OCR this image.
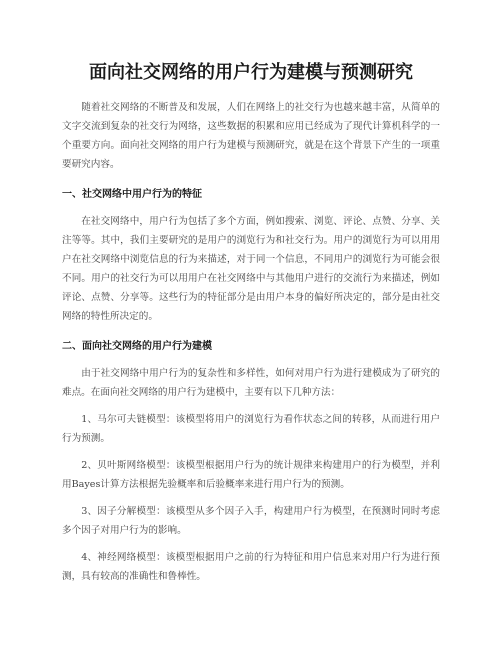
面向社交网络的用户行为建模与预测研究

随着社交网络的不断普及和发展，人们在网络上的社交行为也越来越丰富，从简单的文字交流到复杂的社交行为网络，这些数据的积累和应用已经成为了现代计算机科学的一个重要方向。面向社交网络的用户行为建模与预测研究，就是在这个背景下产生的一项重要研究内容。

一、社交网络中用户行为的特征

在社交网络中，用户行为包括了多个方面，例如搜索、浏览、评论、点赞、分享、关注等等。其中，我们主要研究的是用户的浏览行为和社交行为。用户的浏览行为可以用用户在社交网络中浏览信息的行为来描述，对于同一个信息，不同用户的浏览行为可能会很不同。用户的社交行为可以用用户在社交网络中与其他用户进行的交流行为来描述，例如评论、点赞、分享等。这些行为的特征部分是由用户本身的偏好所决定的，部分是由社交网络的特性所决定的。

二、面向社交网络的用户行为建模

由于社交网络中用户行为的复杂性和多样性，如何对用户行为进行建模成为了研究的难点。在面向社交网络的用户行为建模中，主要有以下几种方法：

1、马尔可夫链模型：该模型将用户的浏览行为看作状态之间的转移，从而进行用户行为预测。

2、贝叶斯网络模型：该模型根据用户行为的统计规律来构建用户的行为模型，并利用Bayes计算方法根据先验概率和后验概率来进行用户行为的预测。

3、因子分解模型：该模型从多个因子入手，构建用户行为模型，在预测时同时考虑多个因子对用户行为的影响。

4、神经网络模型：该模型根据用户之前的行为特征和用户信息来对用户行为进行预测，具有较高的准确性和鲁棒性。
